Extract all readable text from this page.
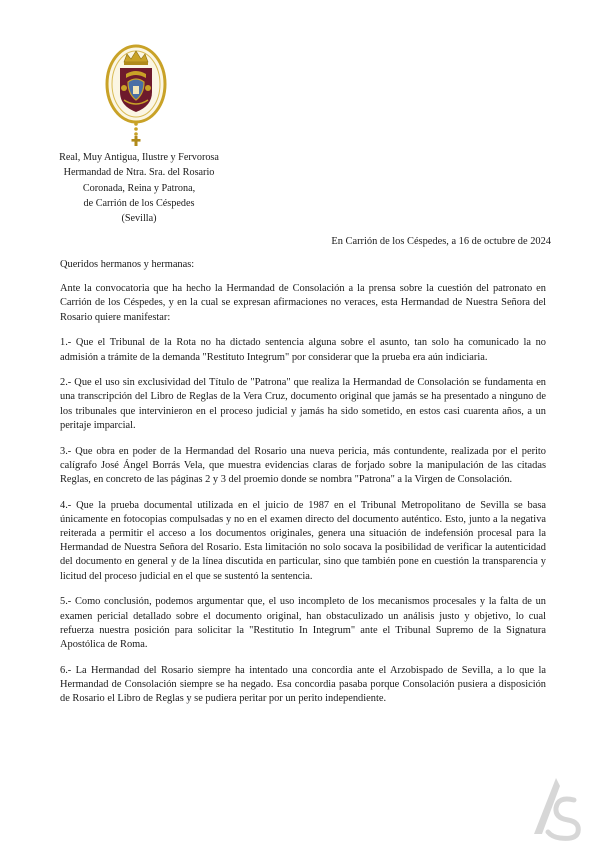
Real, Muy Antigua, Ilustre y Fervorosa
Hermandad de Ntra. Sra. del Rosario
Coronada, Reina y Patrona,
de Carrión de los Céspedes
(Sevilla)
En Carrión de los Céspedes, a 16 de octubre de 2024

Queridos hermanos y hermanas:

Ante la convocatoria que ha hecho la Hermandad de Consolación a la prensa sobre la cuestión del patronato en Carrión de los Céspedes, y en la cual se expresan afirmaciones no veraces, esta Hermandad de Nuestra Señora del Rosario quiere manifestar:

1.- Que el Tribunal de la Rota no ha dictado sentencia alguna sobre el asunto, tan solo ha comunicado la no admisión a trámite de la demanda "Restituto Integrum" por considerar que la prueba era aún indiciaria.

2.- Que el uso sin exclusividad del Título de "Patrona" que realiza la Hermandad de Consolación se fundamenta en una transcripción del Libro de Reglas de la Vera Cruz, documento original que jamás se ha presentado a ninguno de los tribunales que intervinieron en el proceso judicial y jamás ha sido sometido, en estos casi cuarenta años, a un peritaje imparcial.

3.- Que obra en poder de la Hermandad del Rosario una nueva pericia, más contundente, realizada por el perito calígrafo José Ángel Borrás Vela, que muestra evidencias claras de forjado sobre la manipulación de las citadas Reglas, en concreto de las páginas 2 y 3 del proemio donde se nombra "Patrona" a la Virgen de Consolación.

4.- Que la prueba documental utilizada en el juicio de 1987 en el Tribunal Metropolitano de Sevilla se basa únicamente en fotocopias compulsadas y no en el examen directo del documento auténtico. Esto, junto a la negativa reiterada a permitir el acceso a los documentos originales, genera una situación de indefensión procesal para la Hermandad de Nuestra Señora del Rosario. Esta limitación no solo socava la posibilidad de verificar la autenticidad del documento en general y de la línea discutida en particular, sino que también pone en cuestión la transparencia y licitud del proceso judicial en el que se sustentó la sentencia.

5.- Como conclusión, podemos argumentar que, el uso incompleto de los mecanismos procesales y la falta de un examen pericial detallado sobre el documento original, han obstaculizado un análisis justo y objetivo, lo cual refuerza nuestra posición para solicitar la "Restitutio In Integrum" ante el Tribunal Supremo de la Signatura Apostólica de Roma.

6.- La Hermandad del Rosario siempre ha intentado una concordia ante el Arzobispado de Sevilla, a lo que la Hermandad de Consolación siempre se ha negado. Esa concordia pasaba porque Consolación pusiera a disposición de Rosario el Libro de Reglas y se pudiera peritar por un perito independiente.
